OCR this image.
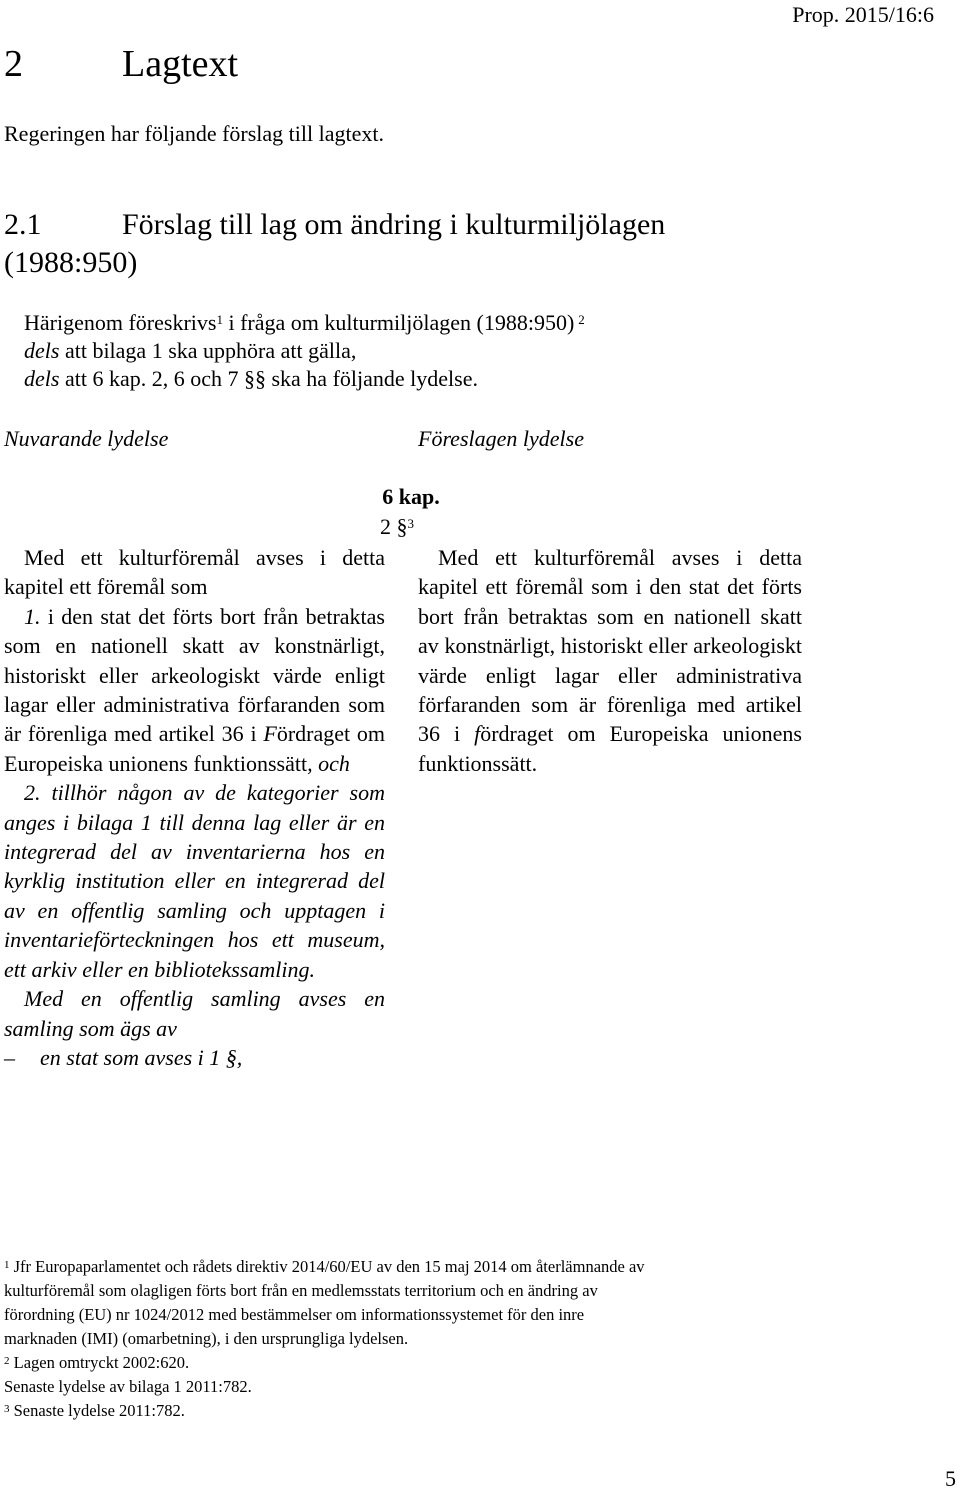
Prop. 2015/16:6
2	Lagtext

Regeringen har följande förslag till lagtext.

2.1	Förslag till lag om ändring i kulturmiljölagen
(1988:950)
Härigenom föreskrivs$^1$ i fråga om kulturmiljölagen (1988:950) $^2$
dels att bilaga 1 ska upphöra att gälla,
dels att 6 kap. 2, 6 och 7 §§ ska ha följande lydelse.
Nuvarande lydelse	Föreslagen lydelse
6 kap.
2 §$^3$

Med ett kulturföremål avses i detta kapitel ett föremål som

1. i den stat det förts bort från betraktas som en nationell skatt av konstnärligt, historiskt eller arkeologiskt värde enligt lagar eller administrativa förfaranden som är förenliga med artikel 36 i Fördraget om Europeiska unionens funktionssätt, och

2. tillhör någon av de kategorier som anges i bilaga 1 till denna lag eller är en integrerad del av inventarierna hos en kyrklig institution eller en integrerad del av en offentlig samling och upptagen i inventarieförteckningen hos ett museum, ett arkiv eller en bibliotekssamling.

Med en offentlig samling avses en samling som ägs av

– en stat som avses i 1 §,

Med ett kulturföremål avses i detta kapitel ett föremål som i den stat det förts bort från betraktas som en nationell skatt av konstnärligt, historiskt eller arkeologiskt värde enligt lagar eller administrativa förfaranden som är förenliga med artikel 36 i fördraget om Europeiska unionens funktionssätt.

$^1$ Jfr Europaparlamentet och rådets direktiv 2014/60/EU av den 15 maj 2014 om återlämnande av
kulturföremål som olagligen förts bort från en medlemsstats territorium och en ändring av
förordning (EU) nr 1024/2012 med bestämmelser om informationssystemet för den inre
marknaden (IMI) (omarbetning), i den ursprungliga lydelsen.
$^2$ Lagen omtryckt 2002:620.
Senaste lydelse av bilaga 1 2011:782.
$^3$ Senaste lydelse 2011:782.
5
